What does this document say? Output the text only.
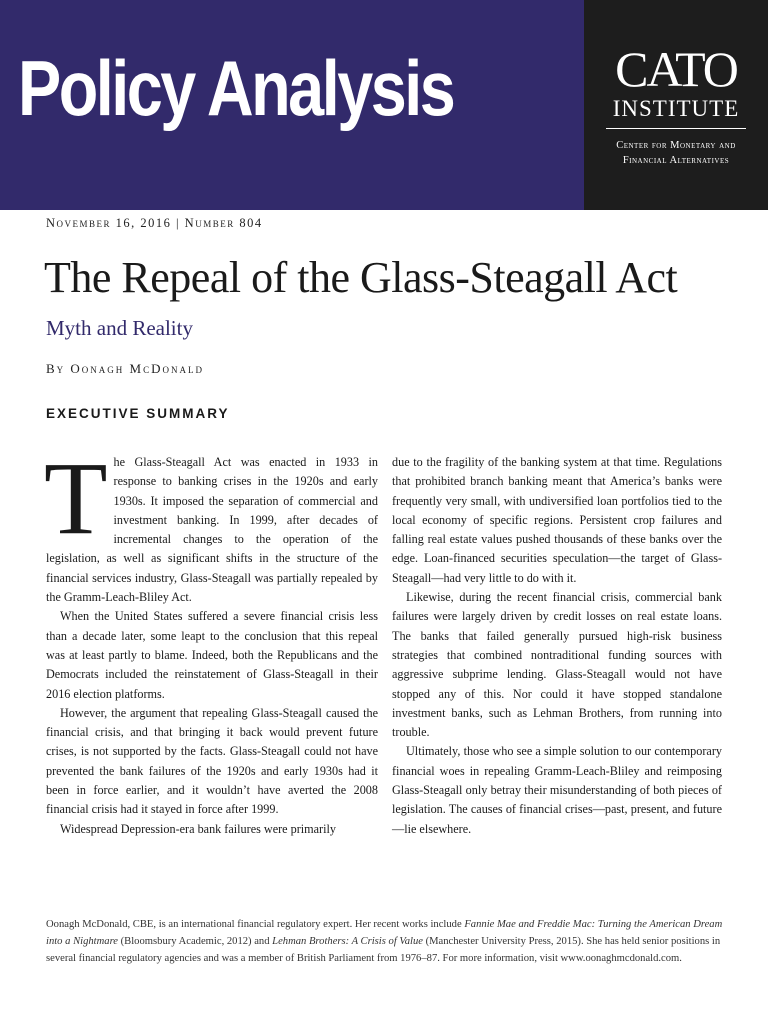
Policy Analysis	CATO
INSTITUTE
Center for Monetary and
Financial Alternatives
November 16, 2016 | Number 804
The Repeal of the Glass-Steagall Act
Myth and Reality
By Oonagh McDonald
EXECUTIVE SUMMARY

The Glass-Steagall Act was enacted in 1933 in response to banking crises in the 1920s and early 1930s. It imposed the separation of commercial and investment banking. In 1999, after decades of incremental changes to the operation of the legislation, as well as significant shifts in the structure of the financial services industry, Glass-Steagall was partially repealed by the Gramm-Leach-Bliley Act.

When the United States suffered a severe financial crisis less than a decade later, some leapt to the conclusion that this repeal was at least partly to blame. Indeed, both the Republicans and the Democrats included the reinstatement of Glass-Steagall in their 2016 election platforms.

However, the argument that repealing Glass-Steagall caused the financial crisis, and that bringing it back would prevent future crises, is not supported by the facts. Glass-Steagall could not have prevented the bank failures of the 1920s and early 1930s had it been in force earlier, and it wouldn’t have averted the 2008 financial crisis had it stayed in force after 1999.

Widespread Depression-era bank failures were primarily

due to the fragility of the banking system at that time. Regulations that prohibited branch banking meant that America’s banks were frequently very small, with undiversified loan portfolios tied to the local economy of specific regions. Persistent crop failures and falling real estate values pushed thousands of these banks over the edge. Loan-financed securities speculation—the target of Glass-Steagall—had very little to do with it.

Likewise, during the recent financial crisis, commercial bank failures were largely driven by credit losses on real estate loans. The banks that failed generally pursued high-risk business strategies that combined nontraditional funding sources with aggressive subprime lending. Glass-Steagall would not have stopped any of this. Nor could it have stopped standalone investment banks, such as Lehman Brothers, from running into trouble.

Ultimately, those who see a simple solution to our contemporary financial woes in repealing Gramm-Leach-Bliley and reimposing Glass-Steagall only betray their misunderstanding of both pieces of legislation. The causes of financial crises—past, present, and future—lie elsewhere.

Oonagh McDonald, CBE, is an international financial regulatory expert. Her recent works include Fannie Mae and Freddie Mac: Turning the American Dream into a Nightmare (Bloomsbury Academic, 2012) and Lehman Brothers: A Crisis of Value (Manchester University Press, 2015). She has held senior positions in several financial regulatory agencies and was a member of British Parliament from 1976–87. For more information, visit www.oonaghmcdonald.com.
